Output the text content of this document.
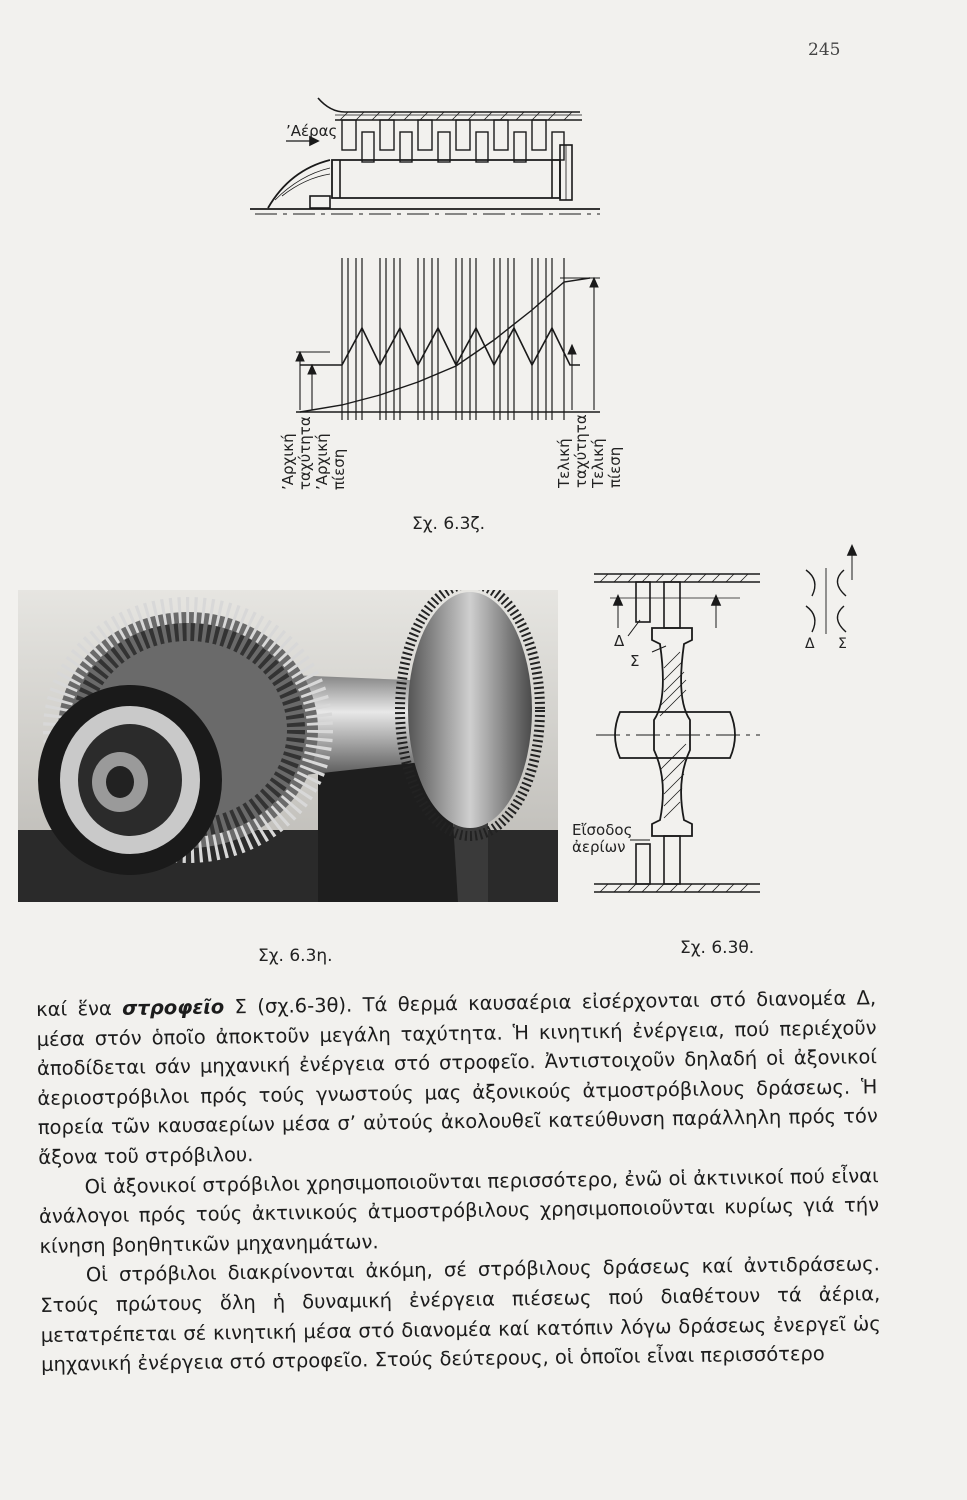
245
’Αέρας
’Αρχική
ταχύτητα
’Αρχική
πίεση	Τελική
ταχύτητα
Τελική
πίεση
Σχ. 6.3ζ.
Σχ. 6.3η.
Δ
Σ
Εἴσοδος
ἀερίων
Δ Σ
Σχ. 6.3θ.

καί ἕνα στροφεῖο Σ (σχ.6-3θ). Τά θερμά καυσαέρια εἰσέρχονται στό διανομέα Δ, μέσα στόν ὁποῖο ἀποκτοῦν μεγάλη ταχύτητα. Ἡ κινητική ἐνέργεια, πού περιέχοῦν ἀποδίδεται σάν μηχανική ἐνέργεια στό στροφεῖο. Ἀντιστοιχοῦν δηλαδή οἱ ἀξονικοί ἀεριοστρόβιλοι πρός τούς γνωστούς μας ἀξονικούς ἀτμοστρόβιλους δράσεως. Ἡ πορεία τῶν καυσαερίων μέσα σ’ αὐτούς ἀκολουθεῖ κατεύθυνση παράλληλη πρός τόν ἄξονα τοῦ στρόβιλου.

Οἱ ἀξονικοί στρόβιλοι χρησιμοποιοῦνται περισσότερο, ἐνῶ οἱ ἀκτινικοί πού εἶναι ἀνάλογοι πρός τούς ἀκτινικούς ἀτμοστρόβιλους χρησιμοποιοῦνται κυρίως γιά τήν κίνηση βοηθητικῶν μηχανημάτων.

Οἱ στρόβιλοι διακρίνονται ἀκόμη, σέ στρόβιλους δράσεως καί ἀντιδράσεως. Στούς πρώτους ὅλη ἡ δυναμική ἐνέργεια πιέσεως πού διαθέτουν τά ἀέρια, μετατρέπεται σέ κινητική μέσα στό διανομέα καί κατόπιν λόγω δράσεως ἐνεργεῖ ὡς μηχανική ἐνέργεια στό στροφεῖο. Στούς δεύτερους, οἱ ὁποῖοι εἶναι περισσότερο
